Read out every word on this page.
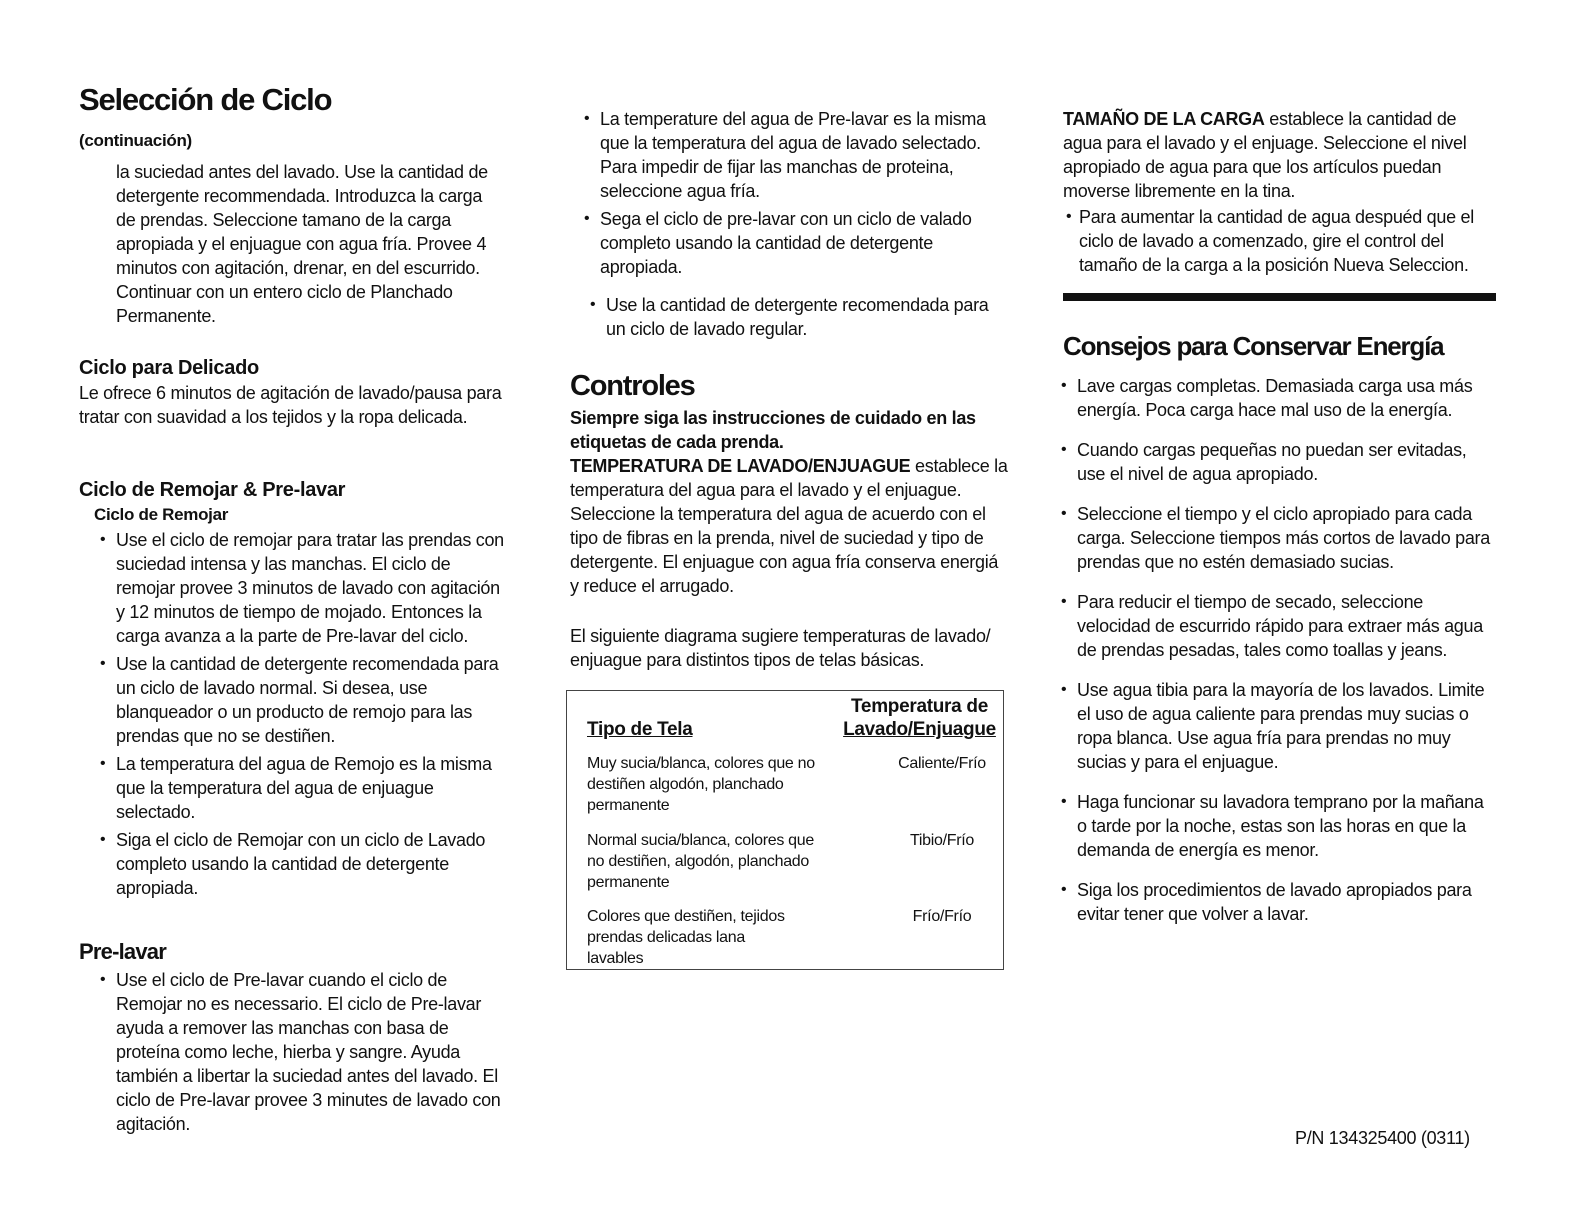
Selección de Ciclo
(continuación)

la suciedad antes del lavado. Use la cantidad de detergente recommendada. Introduzca la carga de prendas. Seleccione tamano de la carga apropiada y el enjuague con agua fría. Provee 4 minutos con agitación, drenar, en del escurrido. Continuar con un entero ciclo de Planchado Permanente.

Ciclo para Delicado

Le ofrece 6 minutos de agitación de lavado/pausa para tratar con suavidad a los tejidos y la ropa delicada.

Ciclo de Remojar & Pre-lavar
Ciclo de Remojar
• Use el ciclo de remojar para tratar las prendas con suciedad intensa y las manchas. El ciclo de remojar provee 3 minutos de lavado con agitación y 12 minutos de tiempo de mojado. Entonces la carga avanza a la parte de Pre-lavar del ciclo.
• Use la cantidad de detergente recomendada para un ciclo de lavado normal. Si desea, use blanqueador o un producto de remojo para las prendas que no se destiñen.
• La temperatura del agua de Remojo es la misma que la temperatura del agua de enjuague selectado.
• Siga el ciclo de Remojar con un ciclo de Lavado completo usando la cantidad de detergente apropiada.
Pre-lavar
• Use el ciclo de Pre-lavar cuando el ciclo de Remojar no es necessario. El ciclo de Pre-lavar ayuda a remover las manchas con basa de proteína como leche, hierba y sangre. Ayuda también a libertar la suciedad antes del lavado. El ciclo de Pre-lavar provee 3 minutes de lavado con agitación.
• La temperature del agua de Pre-lavar es la misma que la temperatura del agua de lavado selectado. Para impedir de fijar las manchas de proteina, seleccione agua fría.
• Sega el ciclo de pre-lavar con un ciclo de valado completo usando la cantidad de detergente apropiada.
• Use la cantidad de detergente recomendada para un ciclo de lavado regular.
Controles

Siempre siga las instrucciones de cuidado en las etiquetas de cada prenda.

TEMPERATURA DE LAVADO/ENJUAGUE establece la temperatura del agua para el lavado y el enjuague. Seleccione la temperatura del agua de acuerdo con el tipo de fibras en la prenda, nivel de suciedad y tipo de detergente. El enjuague con agua fría conserva energiá y reduce el arrugado.

El siguiente diagrama sugiere temperaturas de lavado/ enjuague para distintos tipos de telas básicas.

Tipo de Tela
Temperatura de
Lavado/Enjuague
Muy sucia/blanca, colores que no destiñen algodón, planchado permanente
Caliente/Frío
Normal sucia/blanca, colores que no destiñen, algodón, planchado permanente
Tibio/Frío
Colores que destiñen, tejidos prendas delicadas lana lavables
Frío/Frío

TAMAÑO DE LA CARGA establece la cantidad de agua para el lavado y el enjuage. Seleccione el nivel apropiado de agua para que los artículos puedan moverse libremente en la tina.

• Para aumentar la cantidad de agua despuéd que el ciclo de lavado a comenzado, gire el control del tamaño de la carga a la posición Nueva Seleccion.
Consejos para Conservar Energía
• Lave cargas completas. Demasiada carga usa más energía. Poca carga hace mal uso de la energía.
• Cuando cargas pequeñas no puedan ser evitadas, use el nivel de agua apropiado.
• Seleccione el tiempo y el ciclo apropiado para cada carga. Seleccione tiempos más cortos de lavado para prendas que no estén demasiado sucias.
• Para reducir el tiempo de secado, seleccione velocidad de escurrido rápido para extraer más agua de prendas pesadas, tales como toallas y jeans.
• Use agua tibia para la mayoría de los lavados. Limite el uso de agua caliente para prendas muy sucias o ropa blanca. Use agua fría para prendas no muy sucias y para el enjuague.
• Haga funcionar su lavadora temprano por la mañana o tarde por la noche, estas son las horas en que la demanda de energía es menor.
• Siga los procedimientos de lavado apropiados para evitar tener que volver a lavar.
P/N 134325400 (0311)
